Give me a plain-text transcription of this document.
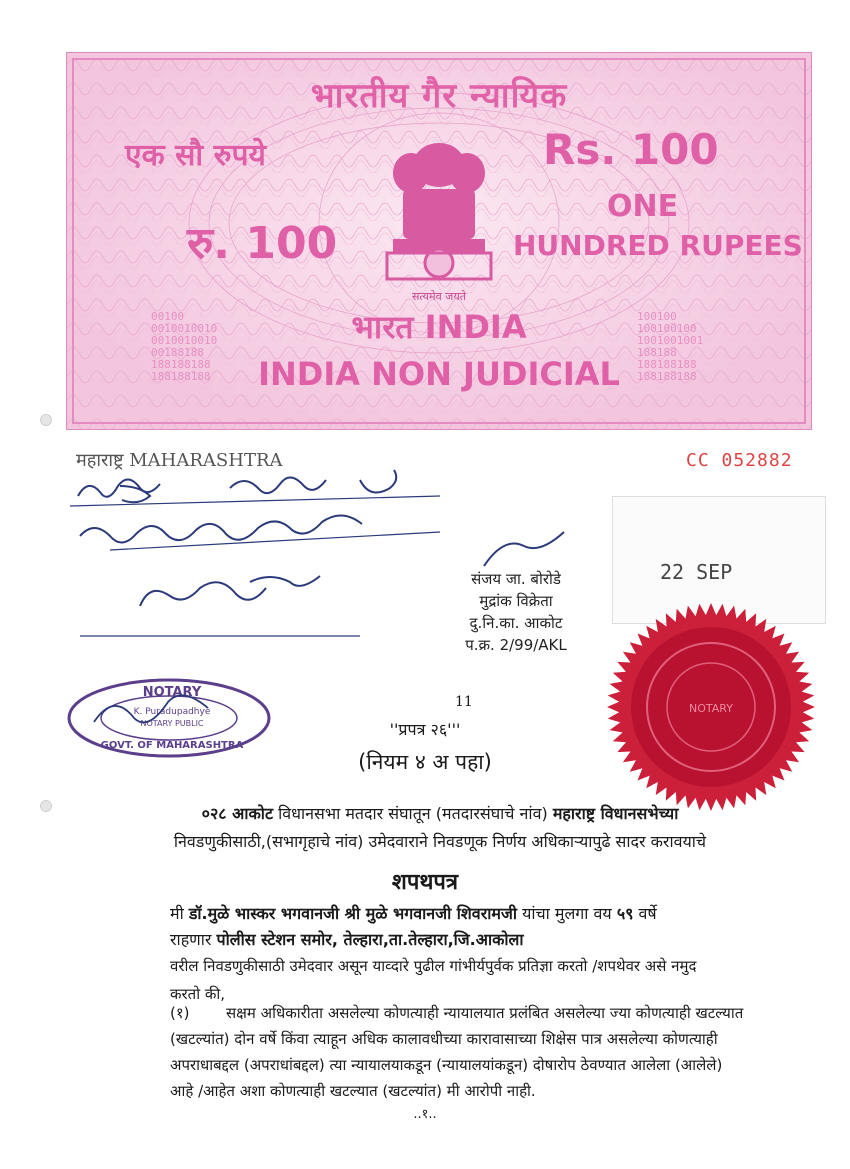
भारतीय गैर न्यायिक
एक सौ रुपये	Rs. 100
रु. 100
ONE
HUNDRED RUPEES
सत्यमेव जयते
00100
0010010010
0010010010
00188188
188188188
188188188
100100
100100100
1001001001
188188
188188188
188188188
भारत INDIA
INDIA NON JUDICIAL
महाराष्ट्र MAHARASHTRA	CC 052882
संजय जा. बोरोडे
मुद्रांक विक्रेता
दु.नि.का. आकोट
प.क्र. 2/99/AKL
22 SEP
NOTARY
NOTARY
K. Puradupadhye
NOTARY PUBLIC
GOVT. OF MAHARASHTRA
11
''प्रपत्र २६'''
(नियम ४ अ पहा)
०२८ आकोट विधानसभा मतदार संघातून (मतदारसंघाचे नांव) महाराष्ट्र विधानसभेच्या
निवडणुकीसाठी,(सभागृहाचे नांव) उमेदवाराने निवडणूक निर्णय अधिकाऱ्यापुढे सादर करावयाचे
शपथपत्र
मी डॉ.मुळे भास्कर भगवानजी श्री मुळे भगवानजी शिवरामजी यांचा मुलगा वय ५९ वर्षे
राहणार पोलीस स्टेशन समोर, तेल्हारा,ता.तेल्हारा,जि.आकोला
वरील निवडणुकीसाठी उमेदवार असून याव्दारे पुढील गांभीर्यपुर्वक प्रतिज्ञा करतो /शपथेवर असे नमुद
करतो की,
(१) सक्षम अधिकारीता असलेल्या कोणत्याही न्यायालयात प्रलंबित असलेल्या ज्या कोणत्याही खटल्यात
(खटल्यांत) दोन वर्षे किंवा त्याहून अधिक कालावधीच्या कारावासाच्या शिक्षेस पात्र असलेल्या कोणत्याही
अपराधाबद्दल (अपराधांबद्दल) त्या न्यायालयाकडून (न्यायालयांकडून) दोषारोप ठेवण्यात आलेला (आलेले)
आहे /आहेत अशा कोणत्याही खटल्यात (खटल्यांत) मी आरोपी नाही.
..१..
